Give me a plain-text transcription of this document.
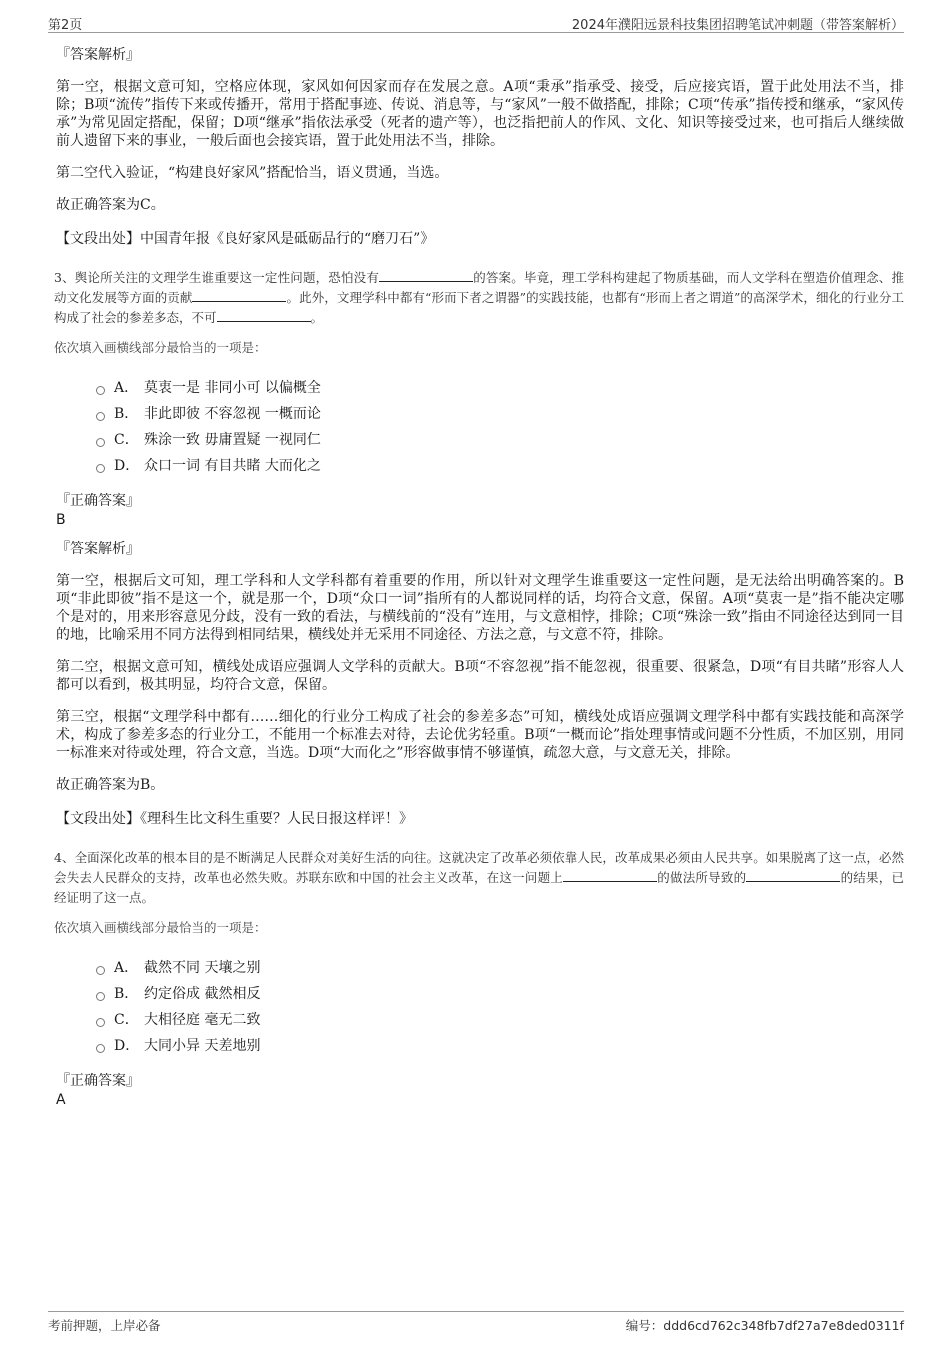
第2页	2024年濮阳远景科技集团招聘笔试冲刺题（带答案解析）
『答案解析』

第一空，根据文意可知，空格应体现，家风如何因家而存在发展之意。A项“秉承”指承受、接受，后应接宾语，置于此处用法不当，排除；B项“流传”指传下来或传播开，常用于搭配事迹、传说、消息等，与“家风”一般不做搭配，排除；C项“传承”指传授和继承，“家风传承”为常见固定搭配，保留；D项“继承”指依法承受（死者的遗产等），也泛指把前人的作风、文化、知识等接受过来，也可指后人继续做前人遗留下来的事业，一般后面也会接宾语，置于此处用法不当，排除。

第二空代入验证，“构建良好家风”搭配恰当，语义贯通，当选。

故正确答案为C。

【文段出处】中国青年报《良好家风是砥砺品行的“磨刀石”》

3、舆论所关注的文理学生谁重要这一定性问题，恐怕没有	的答案。毕竟，理工学科构建起了物质基础，而人文学科在塑造价值理念、推动文化发展等方面的贡献	。此外，文理学科中都有“形而下者之谓器”的实践技能，也都有“形而上者之谓道”的高深学术，细化的行业分工构成了社会的参差多态，不可	。

依次填入画横线部分最恰当的一项是：
A． 莫衷一是 非同小可 以偏概全
B． 非此即彼 不容忽视 一概而论
C． 殊涂一致 毋庸置疑 一视同仁
D． 众口一词 有目共睹 大而化之
『正确答案』
B
『答案解析』

第一空，根据后文可知，理工学科和人文学科都有着重要的作用，所以针对文理学生谁重要这一定性问题，是无法给出明确答案的。B项“非此即彼”指不是这一个，就是那一个，D项“众口一词”指所有的人都说同样的话，均符合文意，保留。A项“莫衷一是”指不能决定哪个是对的，用来形容意见分歧，没有一致的看法，与横线前的“没有”连用，与文意相悖，排除；C项“殊涂一致”指由不同途径达到同一目的地，比喻采用不同方法得到相同结果，横线处并无采用不同途径、方法之意，与文意不符，排除。

第二空，根据文意可知，横线处成语应强调人文学科的贡献大。B项“不容忽视”指不能忽视，很重要、很紧急，D项“有目共睹”形容人人都可以看到，极其明显，均符合文意，保留。

第三空，根据“文理学科中都有……细化的行业分工构成了社会的参差多态”可知，横线处成语应强调文理学科中都有实践技能和高深学术，构成了参差多态的行业分工，不能用一个标准去对待，去论优劣轻重。B项“一概而论”指处理事情或问题不分性质，不加区别，用同一标准来对待或处理，符合文意，当选。D项“大而化之”形容做事情不够谨慎，疏忽大意，与文意无关，排除。

故正确答案为B。

【文段出处】《理科生比文科生重要？人民日报这样评！》

4、全面深化改革的根本目的是不断满足人民群众对美好生活的向往。这就决定了改革必须依靠人民，改革成果必须由人民共享。如果脱离了这一点，必然会失去人民群众的支持，改革也必然失败。苏联东欧和中国的社会主义改革，在这一问题上	的做法所导致的	的结果，已经证明了这一点。

依次填入画横线部分最恰当的一项是：
A． 截然不同 天壤之别
B． 约定俗成 截然相反
C． 大相径庭 毫无二致
D． 大同小异 天差地别
『正确答案』
A
考前押题，上岸必备	编号：ddd6cd762c348fb7df27a7e8ded0311f
